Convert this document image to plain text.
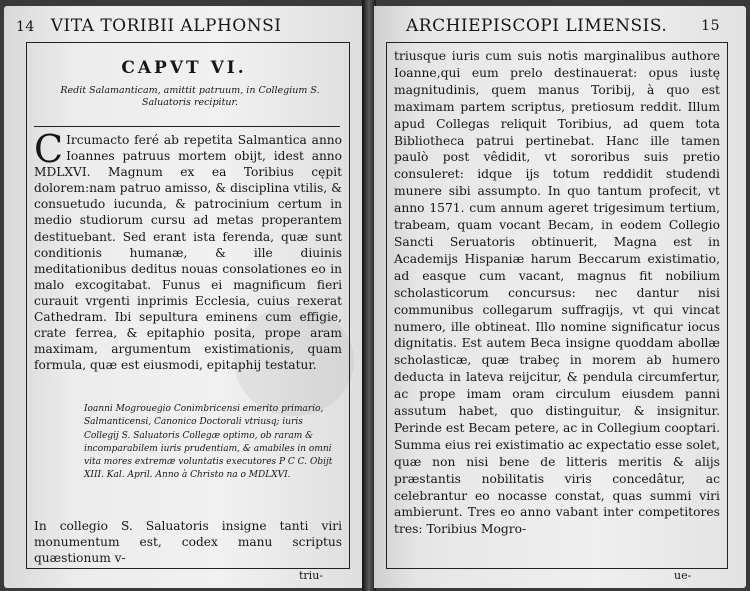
14 VITA TORIBII ALPHONSI
CAPVT VI.
Redit Salamanticam, amittit patruum, in Collegium S. Saluatoris recipitur.
C Ircumacto feré ab repetita Salmantica anno Ioannes patruus mortem obijt, idest anno MDLXVI. Magnum ex ea Toribius cępit dolorem:nam patruo amisso, & disciplina vtilis, & consuetudo iucunda, & patrocinium certum in medio studiorum cursu ad metas properantem destituebant. Sed erant ista ferenda, quæ sunt conditionis humanæ, & ille diuinis meditationibus deditus nouas consolationes eo in malo excogitabat. Funus ei magnificum fieri curauit vrgenti inprimis Ecclesia, cuius rexerat Cathedram. Ibi sepultura eminens cum effigie, crate ferrea, & epitaphio posita, prope aram maximam, argumentum existimationis, quam formula, quæ est eiusmodi, epitaphij testatur.
Ioanni Mogrouegio Conimbricensi emerito primario, Salmanticensi, Canonico Doctorali vtriusq; iuris Collegij S. Saluatoris Collegæ optimo, ob raram & incomparabilem iuris prudentiam, & amabiles in omni vita mores extremæ voluntatis executores P C C. Obijt XIII. Kal. April. Anno à Christo na o MDLXVI.
In collegio S. Saluatoris insigne tanti viri monumentum est, codex manu scriptus quæstionum v-
triu-
ARCHIEPISCOPI LIMENSIS. 15
triusque iuris cum suis notis marginalibus authore Ioanne,qui eum prelo destinauerat: opus iustę magnitudinis, quem manus Toribij, à quo est maximam partem scriptus, pretiosum reddit. Illum apud Collegas reliquit Toribius, ad quem tota Bibliotheca patrui pertinebat. Hanc ille tamen paulò post vêdidit, vt sororibus suis pretio consuleret: idque ijs totum reddidit studendi munere sibi assumpto. In quo tantum profecit, vt anno 1571. cum annum ageret trigesimum tertium, trabeam, quam vocant Becam, in eodem Collegio Sancti Seruatoris obtinuerit, Magna est in Academijs Hispaniæ harum Beccarum existimatio, ad easque cum vacant, magnus fit nobilium scholasticorum concursus: nec dantur nisi communibus collegarum suffragijs, vt qui vincat numero, ille obtineat. Illo nomine significatur iocus dignitatis. Est autem Beca insigne quoddam abollæ scholasticæ, quæ trabeç in morem ab humero deducta in lateva reijcitur, & pendula circumfertur, ac prope imam oram circulum eiusdem panni assutum habet, quo distinguitur, & insignitur. Perinde est Becam petere, ac in Collegium cooptari. Summa eius rei existimatio ac expectatio esse solet, quæ non nisi bene de litteris meritis & alijs præstantis nobilitatis viris concedâtur, ac celebrantur eo nocasse constat, quas summi viri ambierunt. Tres eo anno vabant inter competitores tres: Toribius Mogro-
ue-
